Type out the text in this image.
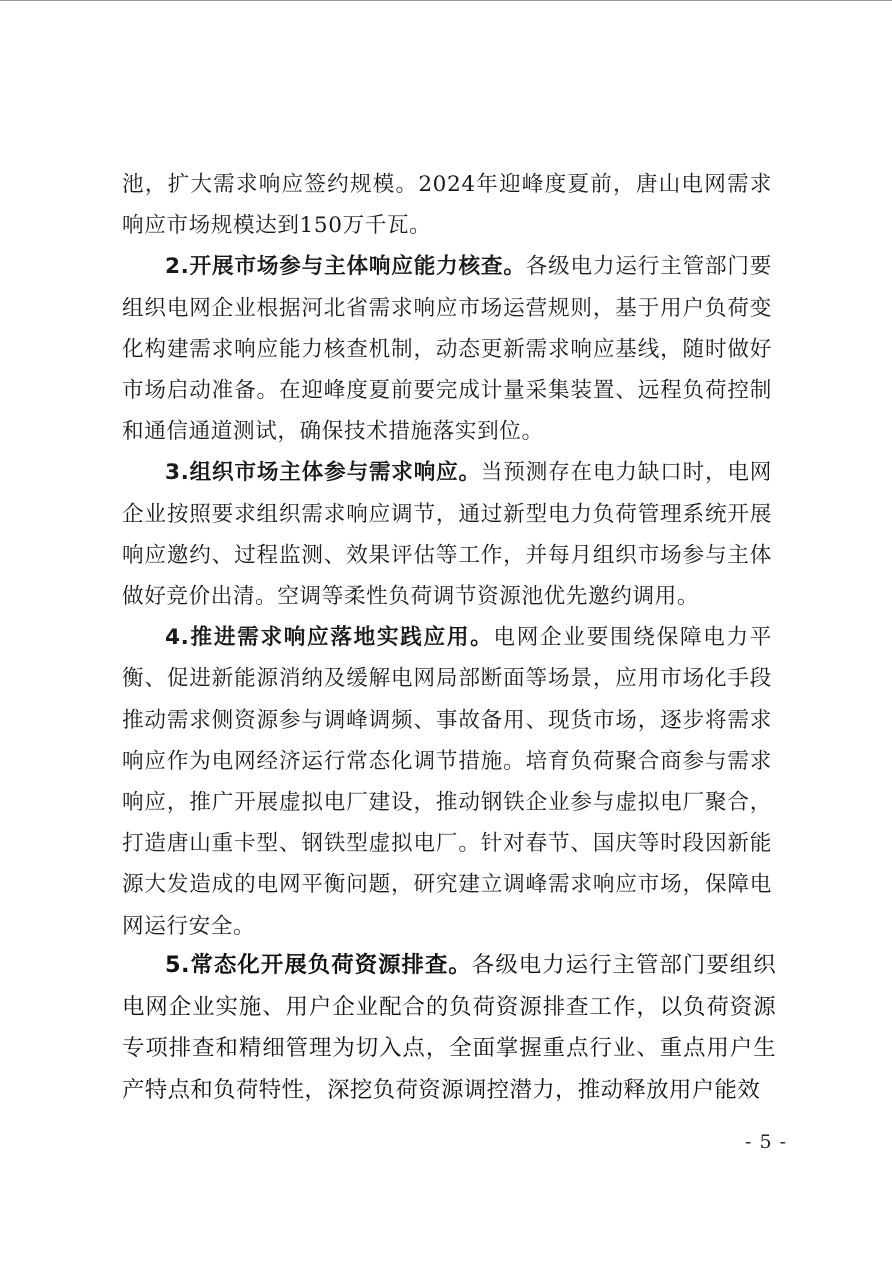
池，扩大需求响应签约规模。2024年迎峰度夏前，唐山电网需求响应市场规模达到150万千瓦。

2.开展市场参与主体响应能力核查。各级电力运行主管部门要组织电网企业根据河北省需求响应市场运营规则，基于用户负荷变化构建需求响应能力核查机制，动态更新需求响应基线，随时做好市场启动准备。在迎峰度夏前要完成计量采集装置、远程负荷控制和通信通道测试，确保技术措施落实到位。

3.组织市场主体参与需求响应。当预测存在电力缺口时，电网企业按照要求组织需求响应调节，通过新型电力负荷管理系统开展响应邀约、过程监测、效果评估等工作，并每月组织市场参与主体做好竞价出清。空调等柔性负荷调节资源池优先邀约调用。

4.推进需求响应落地实践应用。电网企业要围绕保障电力平衡、促进新能源消纳及缓解电网局部断面等场景，应用市场化手段推动需求侧资源参与调峰调频、事故备用、现货市场，逐步将需求响应作为电网经济运行常态化调节措施。培育负荷聚合商参与需求响应，推广开展虚拟电厂建设，推动钢铁企业参与虚拟电厂聚合，打造唐山重卡型、钢铁型虚拟电厂。针对春节、国庆等时段因新能源大发造成的电网平衡问题，研究建立调峰需求响应市场，保障电网运行安全。

5.常态化开展负荷资源排查。各级电力运行主管部门要组织电网企业实施、用户企业配合的负荷资源排查工作，以负荷资源专项排查和精细管理为切入点，全面掌握重点行业、重点用户生产特点和负荷特性，深挖负荷资源调控潜力，推动释放用户能效

- 5 -
